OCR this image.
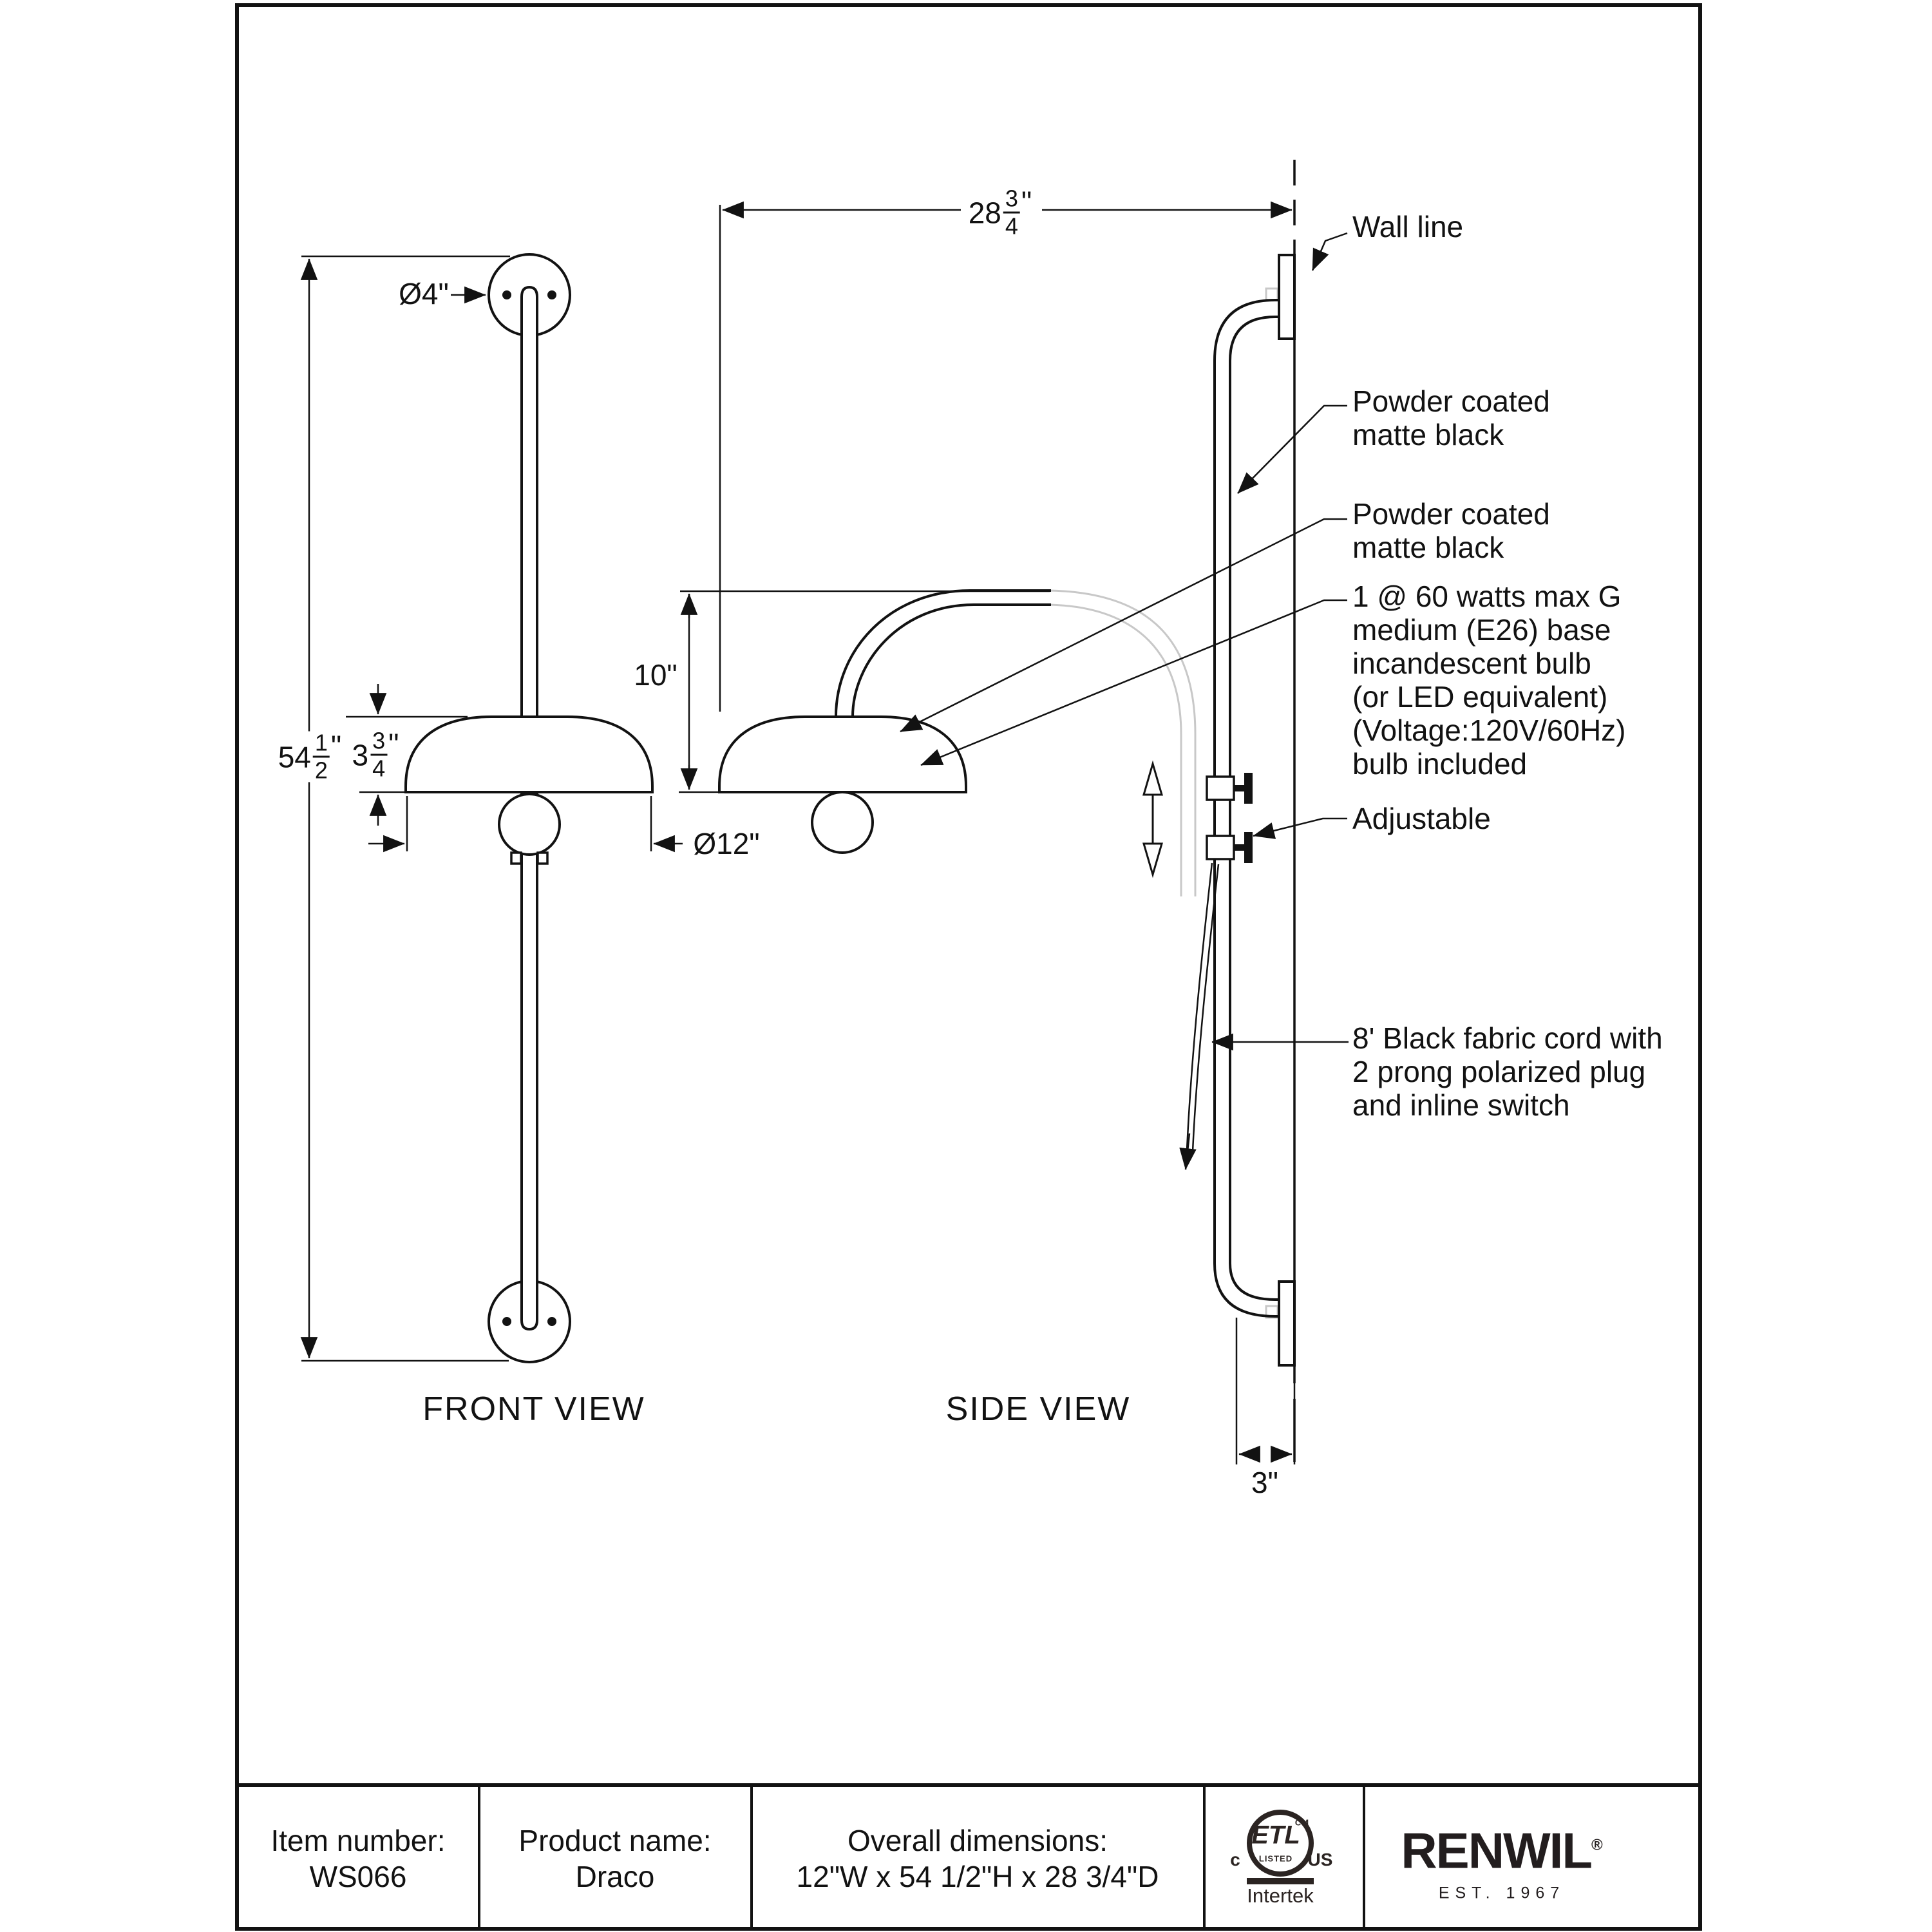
Ø4"
$54 \frac{1}{2}$ " $3 \frac{3}{4}$ "
Ø12"
$28 \frac{3}{4}$ "
10"
3"
Wall line
Powder coated
matte black
Powder coated
matte black
1 @ 60 watts max G
medium (E26) base
incandescent bulb
(or LED equivalent)
(Voltage:120V/60Hz)
bulb included
Adjustable
8' Black fabric cord with
2 prong polarized plug
and inline switch
FRONT VIEW	SIDE VIEW
Item number:
WS066
Product name:
Draco
Overall dimensions:
12"W x 54 1/2"H x 28 3/4"D
ETL
LISTED
CM
c	US
Intertek
RENWIL®
EST. 1967
